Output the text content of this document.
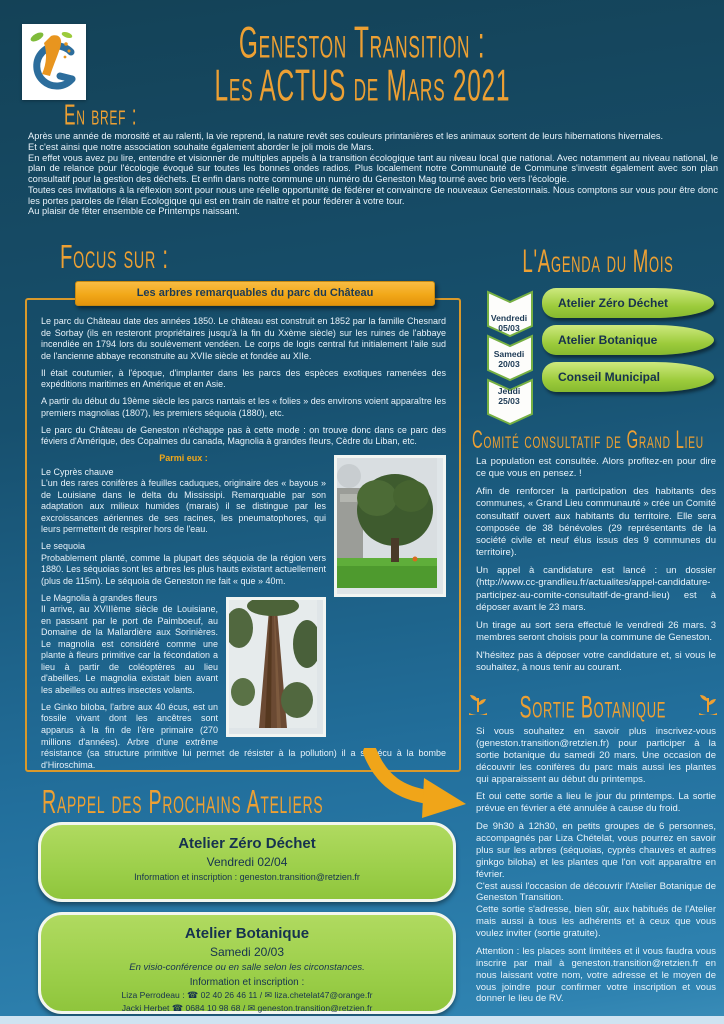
Geneston Transition :
Les ACTUS de Mars 2021
En bref :

Après une année de morosité et au ralenti, la vie reprend, la nature revêt ses couleurs printanières et les animaux sortent de leurs hibernations hivernales.

Et c'est ainsi que notre association souhaite également aborder le joli mois de Mars.

En effet vous avez pu lire, entendre et visionner de multiples appels à la transition écologique tant au niveau local que national. Avec notamment au niveau national, le plan de relance pour l'écologie évoqué sur toutes les bonnes ondes radios. Plus localement notre Communauté de Commune s'investit également avec son plan consultatif pour la gestion des déchets. Et enfin dans notre commune un numéro du Geneston Mag tourné avec brio vers l'écologie.

Toutes ces invitations à la réflexion sont pour nous une réelle opportunité de fédérer et convaincre de nouveaux Genestonnais. Nous comptons sur vous pour être donc les portes paroles de l'élan Ecologique qui est en train de naitre et pour fédérer à votre tour.

Au plaisir de fêter ensemble ce Printemps naissant.

Focus sur :
Les arbres remarquables du parc du Château

Le parc du Château date des années 1850. Le château est construit en 1852 par la famille Chesnard de Sorbay (ils en resteront propriétaires jusqu'à la fin du Xxème siècle) sur les ruines de l'abbaye incendiée en 1794 lors du soulèvement vendéen. Le corps de logis central fut initialement l'aile sud de l'ancienne abbaye reconstruite au XVIIe siècle et fondée au XIIe.

Il était coutumier, à l'époque, d'implanter dans les parcs des espèces exotiques ramenées des expéditions maritimes en Amérique et en Asie.

A partir du début du 19ème siècle les parcs nantais et les « folies » des environs voient apparaître les premiers magnolias (1807), les premiers séquoia (1880), etc.

Le parc du Château de Geneston n'échappe pas à cette mode : on trouve donc dans ce parc des féviers d'Amérique, des Copalmes du canada, Magnolia à grandes fleurs, Cèdre du Liban, etc.

Parmi eux :

Le Cyprès chauve

L'un des rares conifères à feuilles caduques, originaire des « bayous » de Louisiane dans le delta du Mississipi. Remarquable par son adaptation aux milieux humides (marais) il se distingue par les excroissances aériennes de ses racines, les pneumatophores, qui leurs permettent de respirer hors de l'eau.

Le sequoia

Probablement planté, comme la plupart des séquoia de la région vers 1880. Les séquoias sont les arbres les plus hauts existant actuellement (plus de 115m). Le séquoia de Geneston ne fait « que » 40m.

Le Magnolia à grandes fleurs

Il arrive, au XVIIIème siècle de Louisiane, en passant par le port de Paimboeuf, au Domaine de la Mallardière aux Sorinières. Le magnolia est considéré comme une plante à fleurs primitive car la fécondation a lieu à partir de coléoptères au lieu d'abeilles. Le magnolia existait bien avant les abeilles ou autres insectes volants.

Le Ginko biloba, l'arbre aux 40 écus, est un fossile vivant dont les ancêtres sont apparus à la fin de l'ère primaire (270 millions d'années). Arbre d'une extrême résistance (sa structure primitive lui permet de résister à la pollution) il a survécu à la bombe d'Hiroschima.

L'Agenda du Mois
Vendredi
05/03
Samedi
20/03
Jeudi
25/03
Atelier Zéro Déchet
Atelier Botanique
Conseil Municipal
Comité consultatif de Grand Lieu

La population est consultée. Alors profitez-en pour dire ce que vous en pensez. !

Afin de renforcer la participation des habitants des communes, « Grand Lieu communauté » crée un Comité consultatif ouvert aux habitants du territoire. Elle sera composée de 38 bénévoles (29 représentants de la société civile et neuf élus issus des 9 communes du territoire).

Un appel à candidature est lancé : un dossier (http://www.cc-grandlieu.fr/actualites/appel-candidature-participez-au-comite-consultatif-de-grand-lieu) est à déposer avant le 23 mars.

Un tirage au sort sera effectué le vendredi 26 mars. 3 membres seront choisis pour la commune de Geneston.

N'hésitez pas à déposer votre candidature et, si vous le souhaitez, à nous tenir au courant.

Sortie Botanique

Si vous souhaitez en savoir plus inscrivez-vous (geneston.transition@retzien.fr) pour participer à la sortie botanique du samedi 20 mars. Une occasion de découvrir les conifères du parc mais aussi les plantes qui apparaissent au début du printemps.

Et oui cette sortie a lieu le jour du printemps. La sortie prévue en février a été annulée à cause du froid.

De 9h30 à 12h30, en petits groupes de 6 personnes, accompagnés par Liza Chételat, vous pourrez en savoir plus sur les arbres (séquoias, cyprès chauves et autres ginkgo biloba) et les plantes que l'on voit apparaître en février.

C'est aussi l'occasion de découvrir l'Atelier Botanique de Geneston Transition.

Cette sortie s'adresse, bien sûr, aux habitués de l'Atelier mais aussi à tous les adhérents et à ceux que vous voulez inviter (sortie gratuite).

Attention : les places sont limitées et il vous faudra vous inscrire par mail à geneston.transition@retzien.fr en nous laissant votre nom, votre adresse et le moyen de vous joindre pour confirmer votre inscription et vous donner le lieu de RV.

Rappel des Prochains Ateliers

Atelier Zéro Déchet

Vendredi 02/04

Information et inscription : geneston.transition@retzien.fr

Atelier Botanique

Samedi 20/03

En visio-conférence ou en salle selon les circonstances.

Information et inscription :

Liza Perrodeau : ☎ 02 40 26 46 11 / ✉ liza.chetelat47@orange.fr

Jacki Herbet ☎ 0684 10 98 68 / ✉ geneston.transition@retzien.fr
